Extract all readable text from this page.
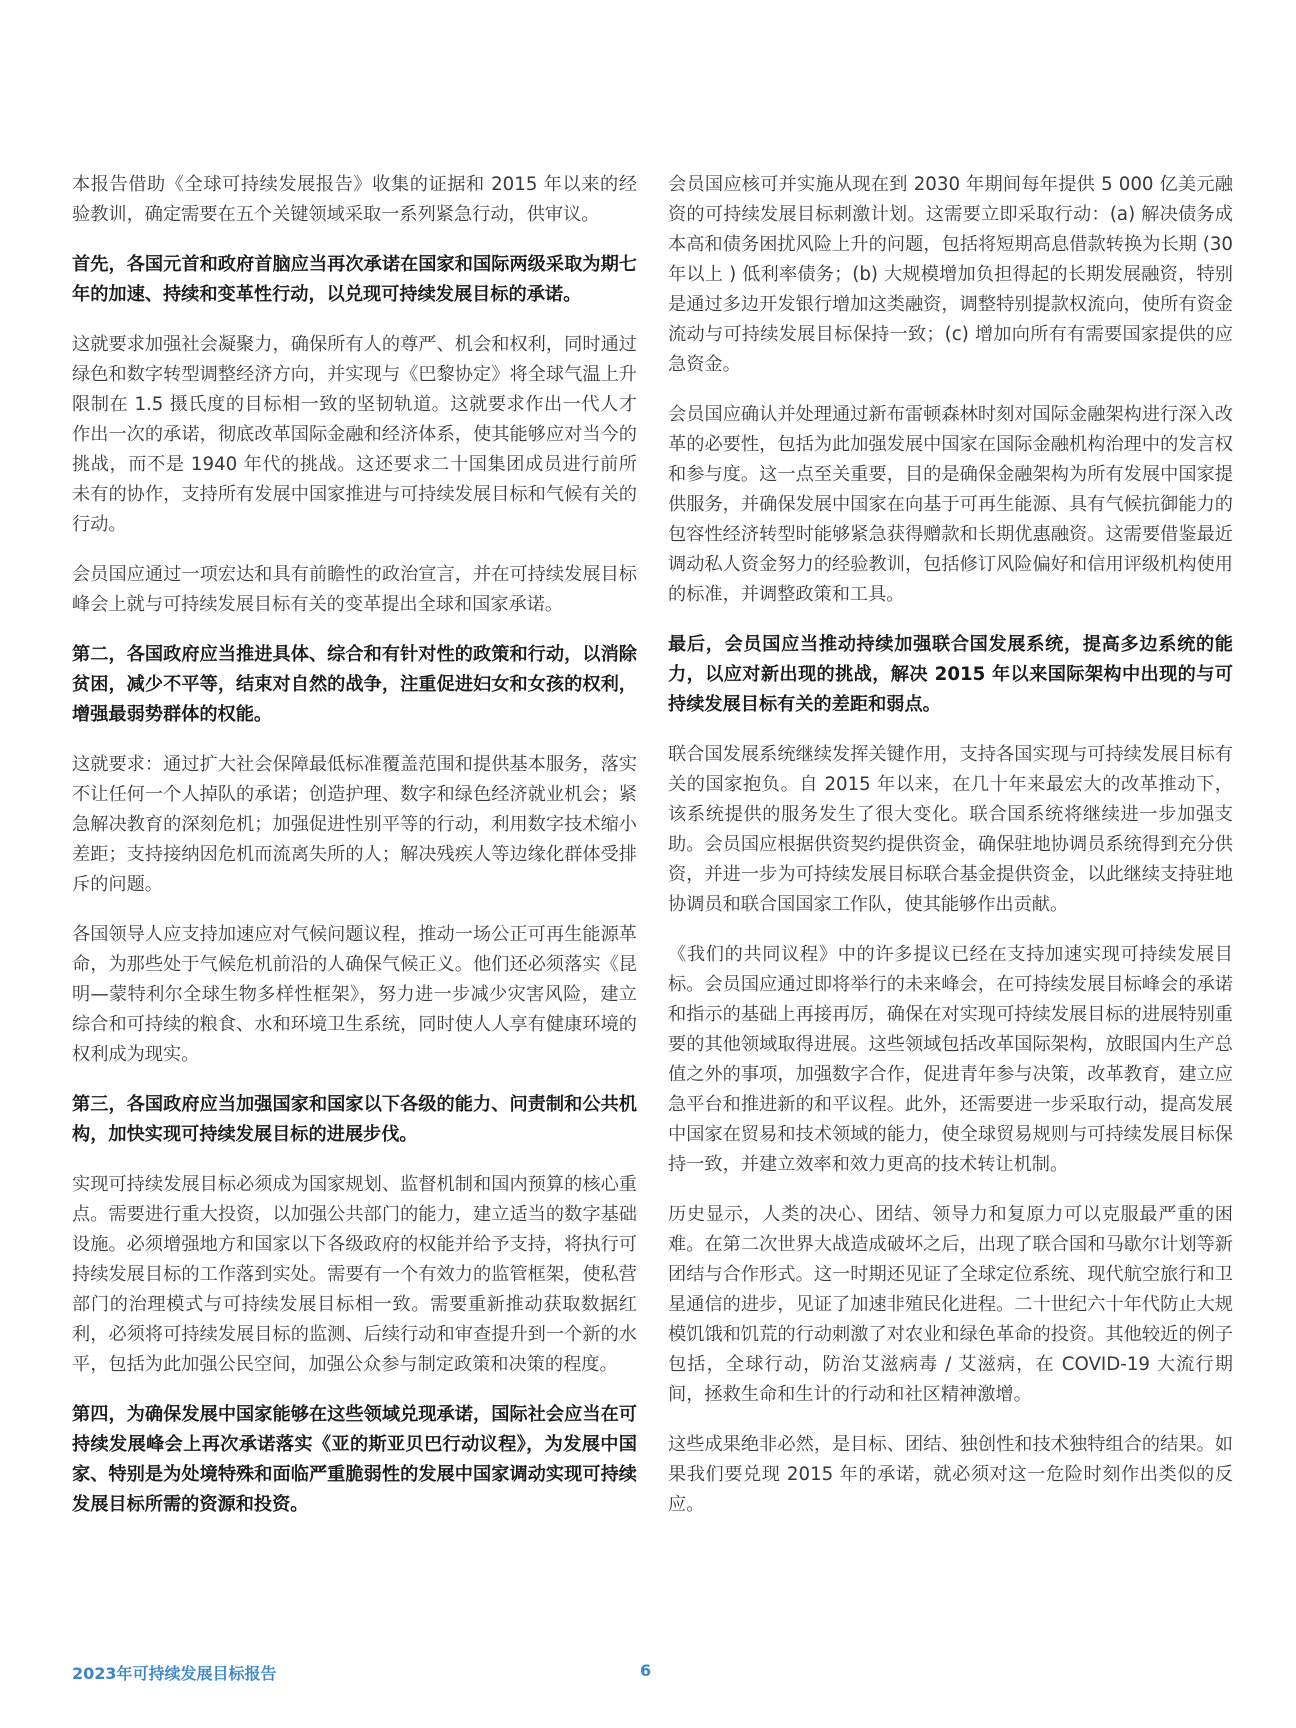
本报告借助《全球可持续发展报告》收集的证据和 2015 年以来的经验教训，确定需要在五个关键领域采取一系列紧急行动，供审议。

首先，各国元首和政府首脑应当再次承诺在国家和国际两级采取为期七年的加速、持续和变革性行动，以兑现可持续发展目标的承诺。

这就要求加强社会凝聚力，确保所有人的尊严、机会和权利，同时通过绿色和数字转型调整经济方向，并实现与《巴黎协定》将全球气温上升限制在 1.5 摄氏度的目标相一致的坚韧轨道。这就要求作出一代人才作出一次的承诺，彻底改革国际金融和经济体系，使其能够应对当今的挑战，而不是 1940 年代的挑战。这还要求二十国集团成员进行前所未有的协作，支持所有发展中国家推进与可持续发展目标和气候有关的行动。

会员国应通过一项宏达和具有前瞻性的政治宣言，并在可持续发展目标峰会上就与可持续发展目标有关的变革提出全球和国家承诺。

第二，各国政府应当推进具体、综合和有针对性的政策和行动，以消除贫困，减少不平等，结束对自然的战争，注重促进妇女和女孩的权利，增强最弱势群体的权能。

这就要求：通过扩大社会保障最低标准覆盖范围和提供基本服务，落实不让任何一个人掉队的承诺；创造护理、数字和绿色经济就业机会；紧急解决教育的深刻危机；加强促进性别平等的行动，利用数字技术缩小差距；支持接纳因危机而流离失所的人；解决残疾人等边缘化群体受排斥的问题。

各国领导人应支持加速应对气候问题议程，推动一场公正可再生能源革命，为那些处于气候危机前沿的人确保气候正义。他们还必须落实《昆明—蒙特利尔全球生物多样性框架》，努力进一步减少灾害风险，建立综合和可持续的粮食、水和环境卫生系统，同时使人人享有健康环境的权利成为现实。

第三，各国政府应当加强国家和国家以下各级的能力、问责制和公共机构，加快实现可持续发展目标的进展步伐。

实现可持续发展目标必须成为国家规划、监督机制和国内预算的核心重点。需要进行重大投资，以加强公共部门的能力，建立适当的数字基础设施。必须增强地方和国家以下各级政府的权能并给予支持，将执行可持续发展目标的工作落到实处。需要有一个有效力的监管框架，使私营部门的治理模式与可持续发展目标相一致。需要重新推动获取数据红利，必须将可持续发展目标的监测、后续行动和审查提升到一个新的水平，包括为此加强公民空间，加强公众参与制定政策和决策的程度。

第四，为确保发展中国家能够在这些领域兑现承诺，国际社会应当在可持续发展峰会上再次承诺落实《亚的斯亚贝巴行动议程》，为发展中国家、特别是为处境特殊和面临严重脆弱性的发展中国家调动实现可持续发展目标所需的资源和投资。

会员国应核可并实施从现在到 2030 年期间每年提供 5 000 亿美元融资的可持续发展目标刺激计划。这需要立即采取行动：(a) 解决债务成本高和债务困扰风险上升的问题，包括将短期高息借款转换为长期 (30 年以上 ) 低利率债务；(b) 大规模增加负担得起的长期发展融资，特别是通过多边开发银行增加这类融资，调整特别提款权流向，使所有资金流动与可持续发展目标保持一致；(c) 增加向所有有需要国家提供的应急资金。

会员国应确认并处理通过新布雷顿森林时刻对国际金融架构进行深入改革的必要性，包括为此加强发展中国家在国际金融机构治理中的发言权和参与度。这一点至关重要，目的是确保金融架构为所有发展中国家提供服务，并确保发展中国家在向基于可再生能源、具有气候抗御能力的包容性经济转型时能够紧急获得赠款和长期优惠融资。这需要借鉴最近调动私人资金努力的经验教训，包括修订风险偏好和信用评级机构使用的标准，并调整政策和工具。

最后，会员国应当推动持续加强联合国发展系统，提高多边系统的能力，以应对新出现的挑战，解决 2015 年以来国际架构中出现的与可持续发展目标有关的差距和弱点。

联合国发展系统继续发挥关键作用，支持各国实现与可持续发展目标有关的国家抱负。自 2015 年以来，在几十年来最宏大的改革推动下，该系统提供的服务发生了很大变化。联合国系统将继续进一步加强支助。会员国应根据供资契约提供资金，确保驻地协调员系统得到充分供资，并进一步为可持续发展目标联合基金提供资金，以此继续支持驻地协调员和联合国国家工作队，使其能够作出贡献。

《我们的共同议程》中的许多提议已经在支持加速实现可持续发展目标。会员国应通过即将举行的未来峰会，在可持续发展目标峰会的承诺和指示的基础上再接再厉，确保在对实现可持续发展目标的进展特别重要的其他领域取得进展。这些领域包括改革国际架构，放眼国内生产总值之外的事项，加强数字合作，促进青年参与决策，改革教育，建立应急平台和推进新的和平议程。此外，还需要进一步采取行动，提高发展中国家在贸易和技术领域的能力，使全球贸易规则与可持续发展目标保持一致，并建立效率和效力更高的技术转让机制。

历史显示，人类的决心、团结、领导力和复原力可以克服最严重的困难。在第二次世界大战造成破坏之后，出现了联合国和马歇尔计划等新团结与合作形式。这一时期还见证了全球定位系统、现代航空旅行和卫星通信的进步，见证了加速非殖民化进程。二十世纪六十年代防止大规模饥饿和饥荒的行动刺激了对农业和绿色革命的投资。其他较近的例子包括，全球行动，防治艾滋病毒 / 艾滋病，在 COVID-19 大流行期间，拯救生命和生计的行动和社区精神激增。

这些成果绝非必然，是目标、团结、独创性和技术独特组合的结果。如果我们要兑现 2015 年的承诺，就必须对这一危险时刻作出类似的反应。

2023年可持续发展目标报告	6
